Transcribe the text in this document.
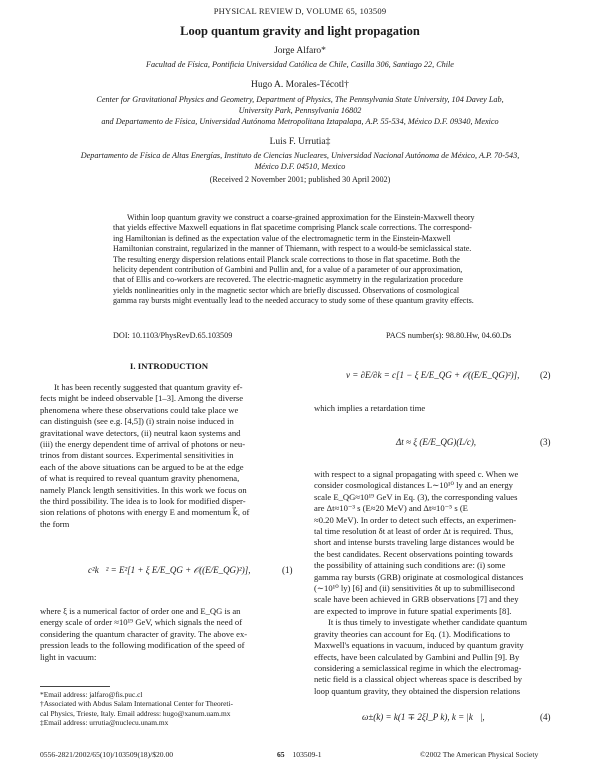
PHYSICAL REVIEW D, VOLUME 65, 103509
Loop quantum gravity and light propagation
Jorge Alfaro*
Facultad de Física, Pontificia Universidad Católica de Chile, Casilla 306, Santiago 22, Chile
Hugo A. Morales-Técotl†
Center for Gravitational Physics and Geometry, Department of Physics, The Pennsylvania State University, 104 Davey Lab,
University Park, Pennsylvania 16802
and Departamento de Física, Universidad Autónoma Metropolitana Iztapalapa, A.P. 55-534, México D.F. 09340, Mexico
Luis F. Urrutia‡
Departamento de Física de Altas Energías, Instituto de Ciencias Nucleares, Universidad Nacional Autónoma de México, A.P. 70-543,
México D.F. 04510, Mexico
(Received 2 November 2001; published 30 April 2002)
Within loop quantum gravity we construct a coarse-grained approximation for the Einstein-Maxwell theory
that yields effective Maxwell equations in flat spacetime comprising Planck scale corrections. The correspond-
ing Hamiltonian is defined as the expectation value of the electromagnetic term in the Einstein-Maxwell
Hamiltonian constraint, regularized in the manner of Thiemann, with respect to a would-be semiclassical state.
The resulting energy dispersion relations entail Planck scale corrections to those in flat spacetime. Both the
helicity dependent contribution of Gambini and Pullin and, for a value of a parameter of our approximation,
that of Ellis and co-workers are recovered. The electric-magnetic asymmetry in the regularization procedure
yields nonlinearities only in the magnetic sector which are briefly discussed. Observations of cosmological
gamma ray bursts might eventually lead to the needed accuracy to study some of these quantum gravity effects.
DOI: 10.1103/PhysRevD.65.103509	PACS number(s): 98.80.Hw, 04.60.Ds
I. INTRODUCTION
It has been recently suggested that quantum gravity ef-
fects might be indeed observable [1–3]. Among the diverse
phenomena where these observations could take place we
can distinguish (see e.g. [4,5]) (i) strain noise induced in
gravitational wave detectors, (ii) neutral kaon systems and
(iii) the energy dependent time of arrival of photons or neu-
trinos from distant sources. Experimental sensitivities in
each of the above situations can be argued to be at the edge
of what is required to reveal quantum gravity phenomena,
namely Planck length sensitivities. In this work we focus on
the third possibility. The idea is to look for modified disper-
sion relations of photons with energy E and momentum k⃗, of
the form
c²k⃗² = E²[1 + ξ E/E_QG + 𝒪((E/E_QG)²)],	(1)
where ξ is a numerical factor of order one and E_QG is an
energy scale of order ≈10¹⁹ GeV, which signals the need of
considering the quantum character of gravity. The above ex-
pression leads to the following modification of the speed of
light in vacuum:
*Email address: jalfaro@fis.puc.cl
†Associated with Abdus Salam International Center for Theoreti-
cal Physics, Trieste, Italy. Email address: hugo@xanum.uam.mx
‡Email address: urrutia@nuclecu.unam.mx
v = ∂E/∂k = c[1 − ξ E/E_QG + 𝒪((E/E_QG)²)], (2)
which implies a retardation time
Δt ≈ ξ (E/E_QG)(L/c),	(3)
with respect to a signal propagating with speed c. When we
consider cosmological distances L∼10¹⁰ ly and an energy
scale E_QG≈10¹⁹ GeV in Eq. (3), the corresponding values
are Δt≈10⁻³ s (E≈20 MeV) and Δt≈10⁻⁵ s (E
≈0.20 MeV). In order to detect such effects, an experimen-
tal time resolution δt at least of order Δt is required. Thus,
short and intense bursts traveling large distances would be
the best candidates. Recent observations pointing towards
the possibility of attaining such conditions are: (i) some
gamma ray bursts (GRB) originate at cosmological distances
(∼10¹⁰ ly) [6] and (ii) sensitivities δt up to submillisecond
scale have been achieved in GRB observations [7] and they
are expected to improve in future spatial experiments [8].
It is thus timely to investigate whether candidate quantum
gravity theories can account for Eq. (1). Modifications to
Maxwell's equations in vacuum, induced by quantum gravity
effects, have been calculated by Gambini and Pullin [9]. By
considering a semiclassical regime in which the electromag-
netic field is a classical object whereas space is described by
loop quantum gravity, they obtained the dispersion relations
ω±(k) = k(1 ∓ 2ξl_P k), k = |k⃗|,	(4)
0556-2821/2002/65(10)/103509(18)/$20.00	65 103509-1	©2002 The American Physical Society
